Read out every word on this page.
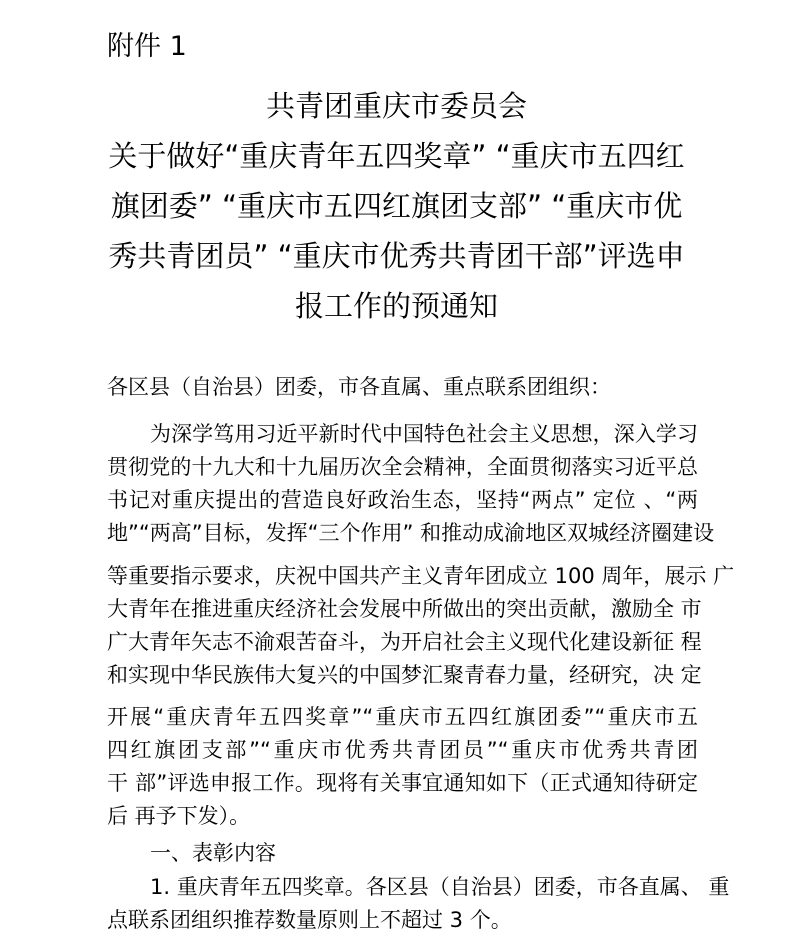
附件 1
共青团重庆市委员会
关于做好“重庆青年五四奖章” “重庆市五四红
旗团委” “重庆市五四红旗团支部” “重庆市优
秀共青团员” “重庆市优秀共青团干部”评选申
报工作的预通知
各区县（自治县）团委，市各直属、重点联系团组织：
为深学笃用习近平新时代中国特色社会主义思想，深入学习
贯彻党的十九大和十九届历次全会精神，全面贯彻落实习近平总
书记对重庆提出的营造良好政治生态，坚持“两点” 定位 、“两
地”“两高”目标，发挥“三个作用” 和推动成渝地区双城经济圈建设
等重要指示要求，庆祝中国共产主义青年团成立 100 周年，展示 广
大青年在推进重庆经济社会发展中所做出的突出贡献，激励全 市
广大青年矢志不渝艰苦奋斗，为开启社会主义现代化建设新征 程
和实现中华民族伟大复兴的中国梦汇聚青春力量，经研究，决 定
开展“重庆青年五四奖章”“重庆市五四红旗团委”“重庆市五
四红旗团支部”“重庆市优秀共青团员”“重庆市优秀共青团
干 部”评选申报工作。现将有关事宜通知如下（正式通知待研定
后 再予下发）。
一、表彰内容
1. 重庆青年五四奖章。各区县（自治县）团委，市各直属、 重
点联系团组织推荐数量原则上不超过 3 个。
